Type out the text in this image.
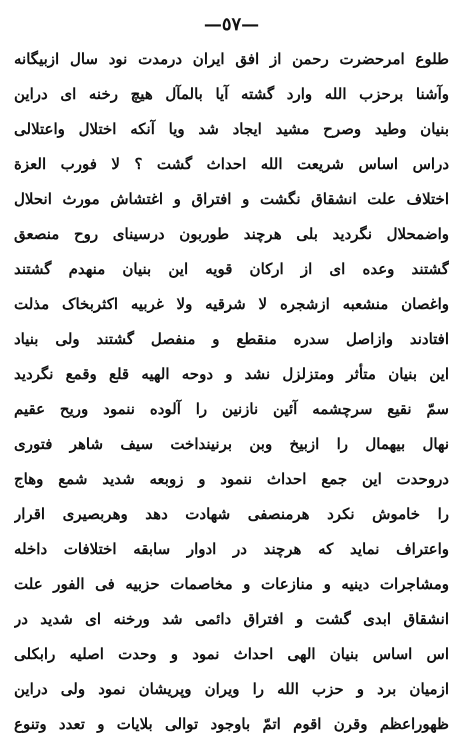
—٥٧—
طلوع امرحضرت رحمن از افق ایران درمدت نود سال ازبیگانه
وآشنا برحزب الله وارد گشته آیا بالمآل هیچ رخنه ای دراین
بنیان وطید وصرح مشید ایجاد شد ویا آنکه اختلال واعتلالی
دراس اساس شریعت الله احداث گشت ؟ لا فورب العزة
اختلاف علت انشقاق نگشت و افتراق و اغتشاش مورث انحلال
واضمحلال نگردید بلی هرچند طوربون درسینای روح منصعق
گشتند وعده ای از ارکان قویه این بنیان منهدم گشتند
واغصان منشعبه ازشجره لا شرقیه ولا غربیه اکثربخاک مذلت
افتادند وازاصل سدره منقطع و منفصل گشتند ولی بنیاد
این بنیان متأثر ومتزلزل نشد و دوحه الهیه قلع وقمع نگردید
سمّ نقیع سرچشمه آئین نازنین را آلوده ننمود وریح عقیم
نهال بیهمال را ازبیخ وبن برنینداخت سیف شاهر فتوری
دروحدت این جمع احداث ننمود و زوبعه شدید شمع وهاج
را خاموش نکرد هرمنصفی شهادت دهد وهربصیری اقرار
واعتراف نماید که هرچند در ادوار سابقه اختلافات داخله
ومشاجرات دینیه و منازعات و مخاصمات حزبیه فی الفور علت
انشقاق ابدی گشت و افتراق دائمی شد ورخنه ای شدید در
اس اساس بنیان الهی احداث نمود و وحدت اصلیه رابکلی
ازمیان برد و حزب الله را ویران وپریشان نمود ولی دراین
ظهوراعظم وقرن اقوم اتمّ باوجود توالی بلایات و تعدد وتنوع
